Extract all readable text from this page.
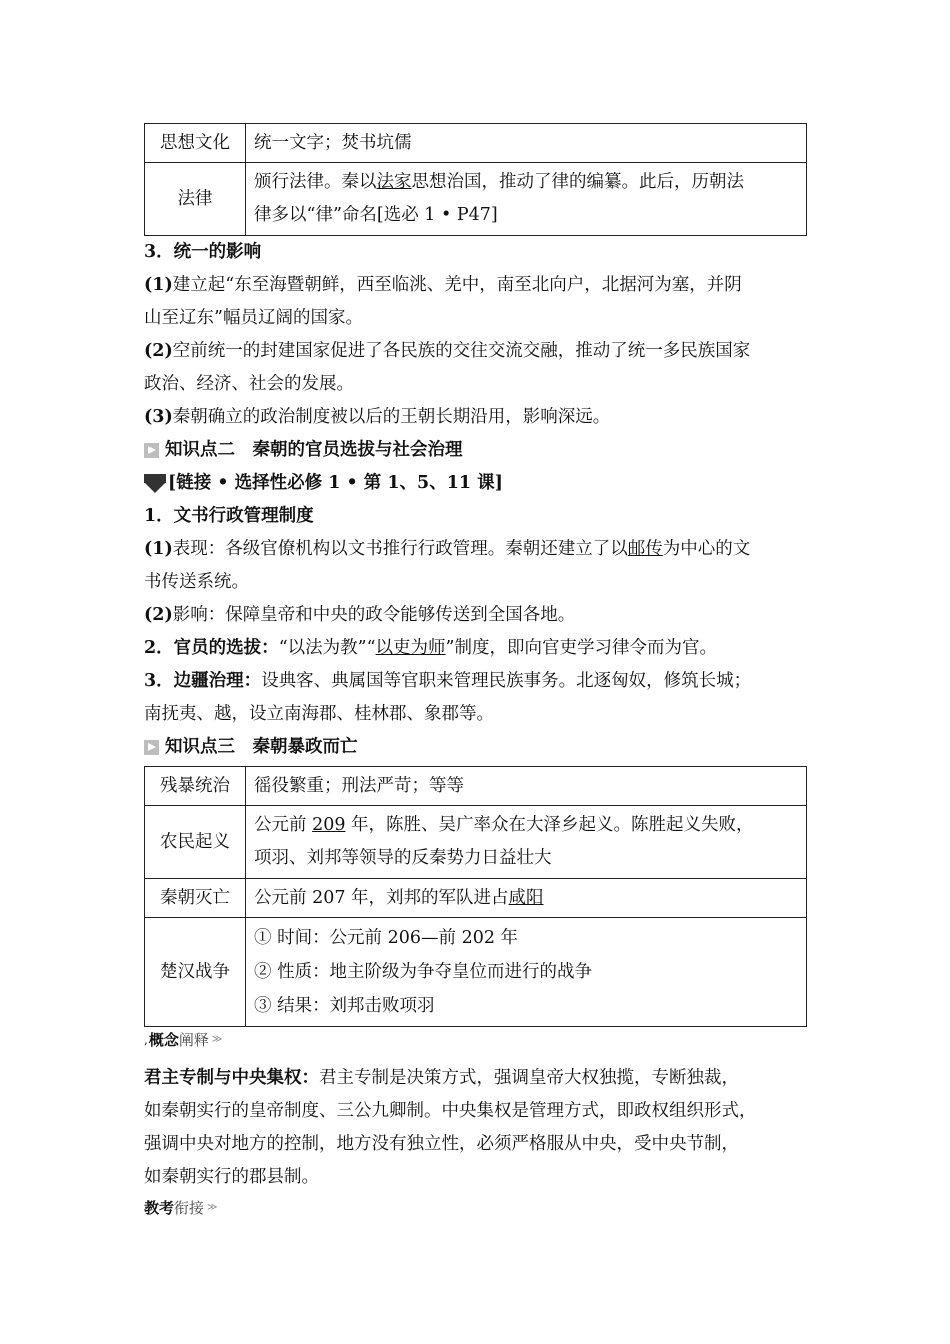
思想文化	统一文字；焚书坑儒
法律	颁行法律。秦以法家思想治国，推动了律的编纂。此后，历朝法
律多以“律”命名[选必 1 • P47]

3．统一的影响

(1)建立起“东至海暨朝鲜，西至临洮、羌中，南至北向户，北据河为塞，并阴
山至辽东”幅员辽阔的国家。

(2)空前统一的封建国家促进了各民族的交往交流交融，推动了统一多民族国家
政治、经济、社会的发展。

(3)秦朝确立的政治制度被以后的王朝长期沿用，影响深远。

知识点二　秦朝的官员选拔与社会治理
[链接 • 选择性必修 1 • 第 1、5、11 课]

1．文书行政管理制度

(1)表现：各级官僚机构以文书推行行政管理。秦朝还建立了以邮传为中心的文
书传送系统。

(2)影响：保障皇帝和中央的政令能够传送到全国各地。

2．官员的选拔：“以法为教”“以吏为师”制度，即向官吏学习律令而为官。

3．边疆治理：设典客、典属国等官职来管理民族事务。北逐匈奴，修筑长城；
南抚夷、越，设立南海郡、桂林郡、象郡等。

知识点三　秦朝暴政而亡
残暴统治	徭役繁重；刑法严苛；等等
农民起义	公元前 209 年，陈胜、吴广率众在大泽乡起义。陈胜起义失败，
项羽、刘邦等领导的反秦势力日益壮大
秦朝灭亡	公元前 207 年，刘邦的军队进占咸阳
楚汉战争	① 时间：公元前 206—前 202 年
② 性质：地主阶级为争夺皇位而进行的战争
③ 结果：刘邦击败项羽
, 概念 阐释 ≫

君主专制与中央集权：君主专制是决策方式，强调皇帝大权独揽，专断独裁，
如秦朝实行的皇帝制度、三公九卿制。中央集权是管理方式，即政权组织形式，
强调中央对地方的控制，地方没有独立性，必须严格服从中央，受中央节制，
如秦朝实行的郡县制。

教考 衔接 ≫
